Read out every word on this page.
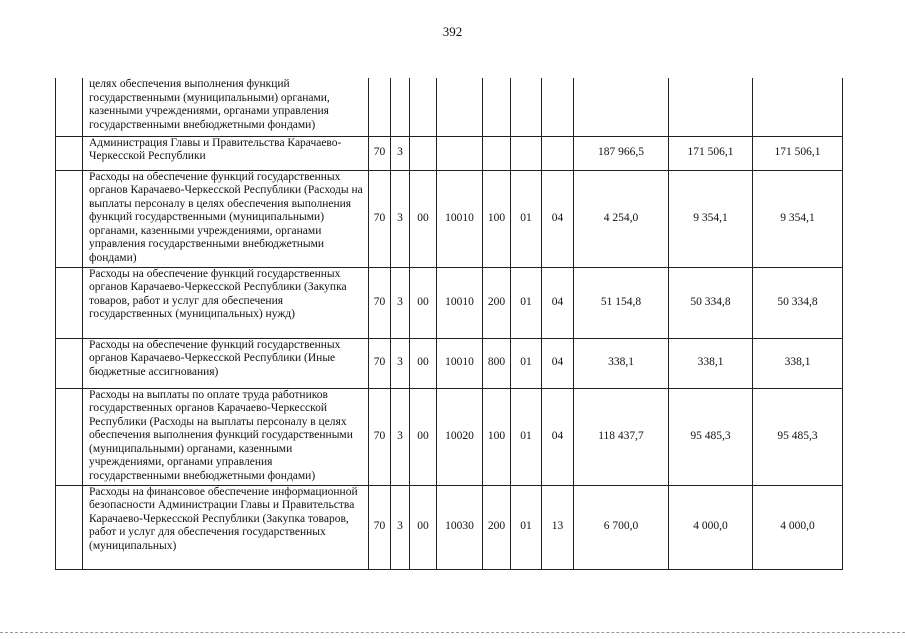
392
	целях обеспечения выполнения функций государственными (муниципальными) органами, казенными учреждениями, органами управления государственными внебюджетными фондами)										
	Администрация Главы и Правительства Карачаево-Черкесской Республики	70	3						187 966,5	171 506,1	171 506,1
	Расходы на обеспечение функций государственных органов Карачаево-Черкесской Республики (Расходы на выплаты персоналу в целях обеспечения выполнения функций государственными (муниципальными) органами, казенными учреждениями, органами управления государственными внебюджетными фондами)	70	3	00	10010	100	01	04	4 254,0	9 354,1	9 354,1
	Расходы на обеспечение функций государственных органов Карачаево-Черкесской Республики (Закупка товаров, работ и услуг для обеспечения государственных (муниципальных) нужд)	70	3	00	10010	200	01	04	51 154,8	50 334,8	50 334,8
	Расходы на обеспечение функций государственных органов Карачаево-Черкесской Республики (Иные бюджетные ассигнования)	70	3	00	10010	800	01	04	338,1	338,1	338,1
	Расходы на выплаты по оплате труда работников государственных органов Карачаево-Черкесской Республики (Расходы на выплаты персоналу в целях обеспечения выполнения функций государственными (муниципальными) органами, казенными учреждениями, органами управления государственными внебюджетными фондами)	70	3	00	10020	100	01	04	118 437,7	95 485,3	95 485,3
	Расходы на финансовое обеспечение информационной безопасности Администрации Главы и Правительства Карачаево-Черкесской Республики (Закупка товаров, работ и услуг для обеспечения государственных (муниципальных)	70	3	00	10030	200	01	13	6 700,0	4 000,0	4 000,0
